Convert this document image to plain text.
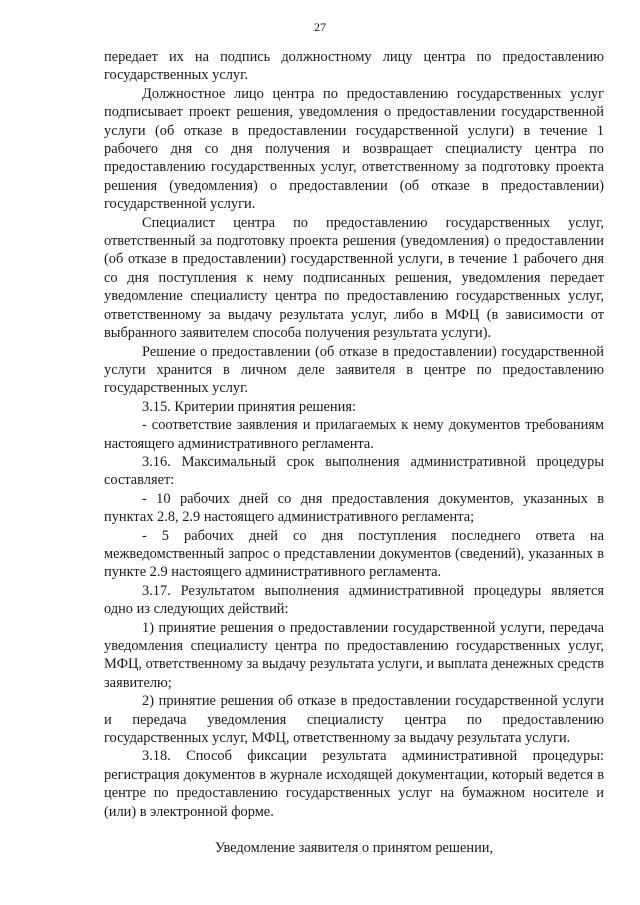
27

передает их на подпись должностному лицу центра по предоставлению государственных услуг.

Должностное лицо центра по предоставлению государственных услуг подписывает проект решения, уведомления о предоставлении государственной услуги (об отказе в предоставлении государственной услуги) в течение 1 рабочего дня со дня получения и возвращает специалисту центра по предоставлению государственных услуг, ответственному за подготовку проекта решения (уведомления) о предоставлении (об отказе в предоставлении) государственной услуги.

Специалист центра по предоставлению государственных услуг, ответственный за подготовку проекта решения (уведомления) о предоставлении (об отказе в предоставлении) государственной услуги, в течение 1 рабочего дня со дня поступления к нему подписанных решения, уведомления передает уведомление специалисту центра по предоставлению государственных услуг, ответственному за выдачу результата услуг, либо в МФЦ (в зависимости от выбранного заявителем способа получения результата услуги).

Решение о предоставлении (об отказе в предоставлении) государственной услуги хранится в личном деле заявителя в центре по предоставлению государственных услуг.

3.15. Критерии принятия решения:

- соответствие заявления и прилагаемых к нему документов требованиям настоящего административного регламента.

3.16. Максимальный срок выполнения административной процедуры составляет:

- 10 рабочих дней со дня предоставления документов, указанных в пунктах 2.8, 2.9 настоящего административного регламента;

- 5 рабочих дней со дня поступления последнего ответа на межведомственный запрос о представлении документов (сведений), указанных в пункте 2.9 настоящего административного регламента.

3.17. Результатом выполнения административной процедуры является одно из следующих действий:

1) принятие решения о предоставлении государственной услуги, передача уведомления специалисту центра по предоставлению государственных услуг, МФЦ, ответственному за выдачу результата услуги, и выплата денежных средств заявителю;

2) принятие решения об отказе в предоставлении государственной услуги и передача уведомления специалисту центра по предоставлению государственных услуг, МФЦ, ответственному за выдачу результата услуги.

3.18. Способ фиксации результата административной процедуры: регистрация документов в журнале исходящей документации, который ведется в центре по предоставлению государственных услуг на бумажном носителе и (или) в электронной форме.

Уведомление заявителя о принятом решении,
